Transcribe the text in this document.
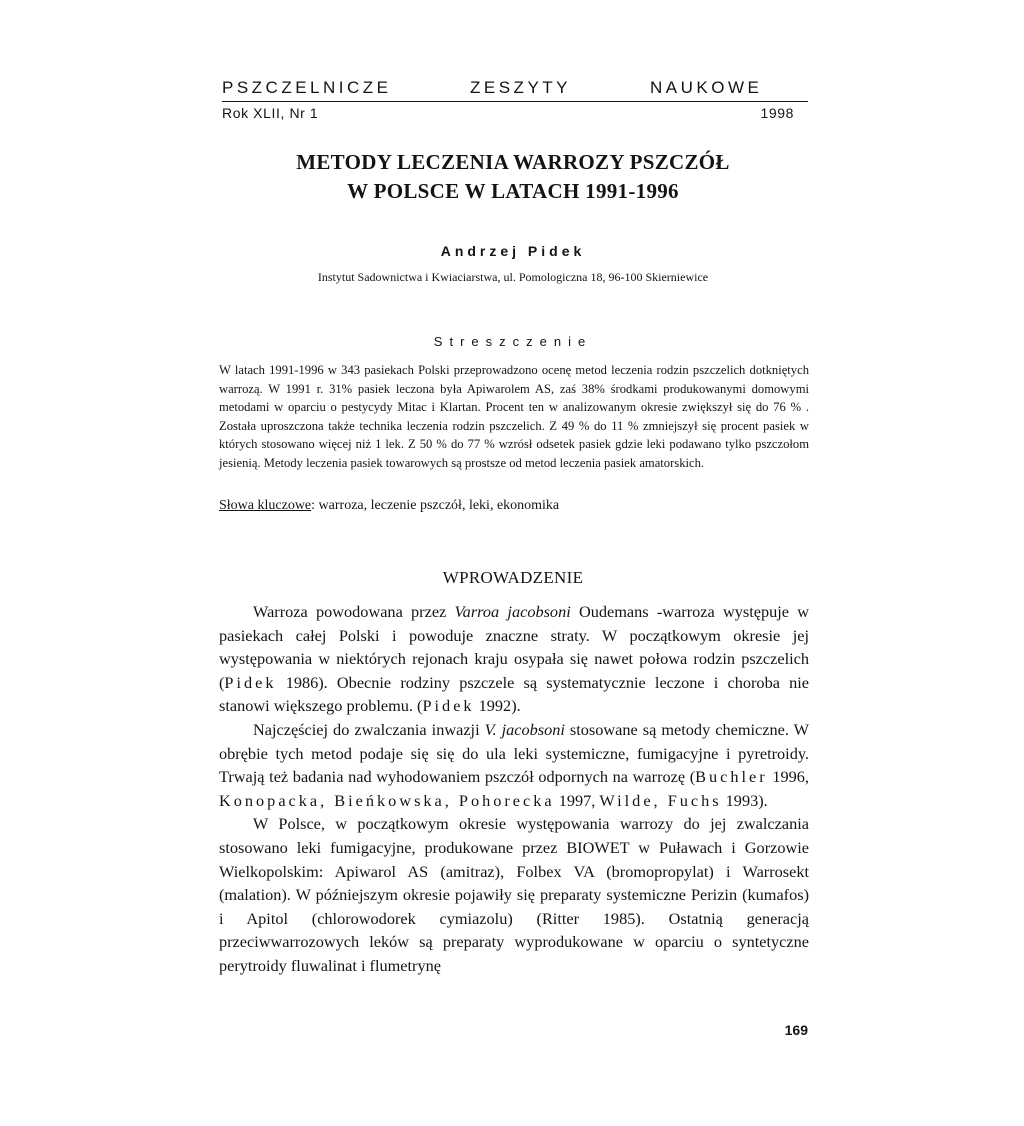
PSZCZELNICZE	ZESZYTY	NAUKOWE
Rok XLII, Nr 1	1998
METODY LECZENIA WARROZY PSZCZÓŁ
W POLSCE W LATACH 1991-1996
Andrzej Pidek
Instytut Sadownictwa i Kwiaciarstwa, ul. Pomologiczna 18, 96-100 Skierniewice
Streszczenie
W latach 1991-1996 w 343 pasiekach Polski przeprowadzono ocenę metod leczenia rodzin pszczelich dotkniętych warrozą. W 1991 r. 31% pasiek leczona była Apiwarolem AS, zaś 38% środkami produkowanymi domowymi metodami w oparciu o pestycydy Mitac i Klartan. Procent ten w analizowanym okresie zwiększył się do 76 % . Została uproszczona także technika leczenia rodzin pszczelich. Z 49 % do 11 % zmniejszył się procent pasiek w których stosowano więcej niż 1 lek. Z 50 % do 77 % wzrósł odsetek pasiek gdzie leki podawano tylko pszczołom jesienią. Metody leczenia pasiek towarowych są prostsze od metod leczenia pasiek amatorskich.
Słowa kluczowe: warroza, leczenie pszczół, leki, ekonomika
WPROWADZENIE

Warroza powodowana przez Varroa jacobsoni Oudemans -warroza występuje w pasiekach całej Polski i powoduje znaczne straty. W początkowym okresie jej występowania w niektórych rejonach kraju osypała się nawet połowa rodzin pszczelich (Pidek 1986). Obecnie rodziny pszczele są systematycznie leczone i choroba nie stanowi większego problemu. (Pidek 1992).

Najczęściej do zwalczania inwazji V. jacobsoni stosowane są metody chemiczne. W obrębie tych metod podaje się się do ula leki systemiczne, fumigacyjne i pyretroidy. Trwają też badania nad wyhodowaniem pszczół odpornych na warrozę (Buchler 1996, Konopacka, Bieńkowska, Pohorecka 1997, Wilde, Fuchs 1993).

W Polsce, w początkowym okresie występowania warrozy do jej zwalczania stosowano leki fumigacyjne, produkowane przez BIOWET w Puławach i Gorzowie Wielkopolskim: Apiwarol AS (amitraz), Folbex VA (bromopropylat) i Warrosekt (malation). W późniejszym okresie pojawiły się preparaty systemiczne Perizin (kumafos) i Apitol (chlorowodorek cymiazolu) (Ritter 1985). Ostatnią generacją przeciwwarrozowych leków są preparaty wyprodukowane w oparciu o syntetyczne perytroidy fluwalinat i flumetrynę

169
